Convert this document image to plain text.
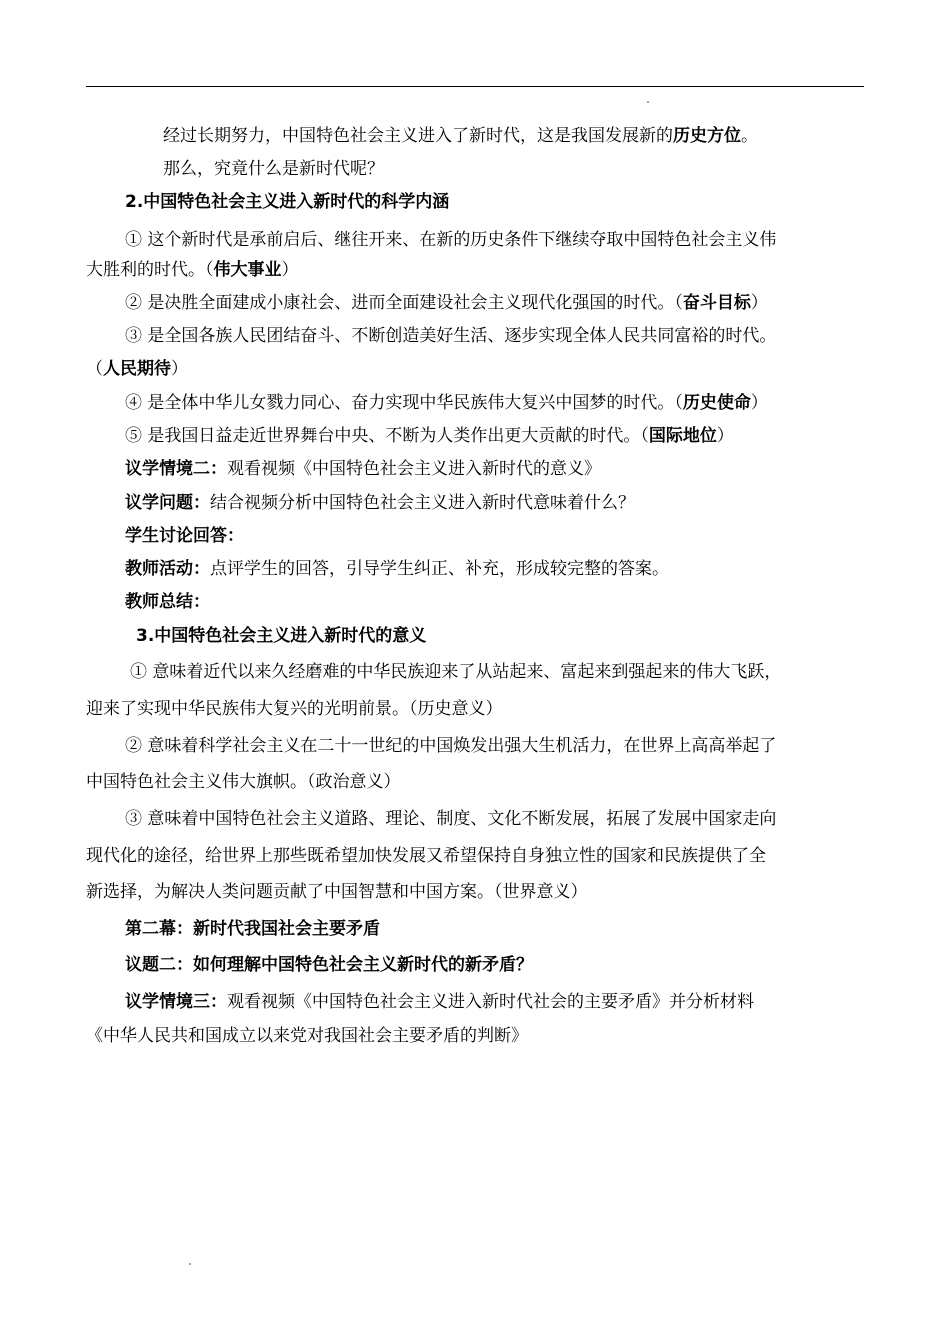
经过长期努力，中国特色社会主义进入了新时代，这是我国发展新的历史方位。
那么，究竟什么是新时代呢？
2.中国特色社会主义进入新时代的科学内涵
① 这个新时代是承前启后、继往开来、在新的历史条件下继续夺取中国特色社会主义伟
大胜利的时代。（伟大事业）
② 是决胜全面建成小康社会、进而全面建设社会主义现代化强国的时代。（奋斗目标）
③ 是全国各族人民团结奋斗、不断创造美好生活、逐步实现全体人民共同富裕的时代。
（人民期待）
④ 是全体中华儿女戮力同心、奋力实现中华民族伟大复兴中国梦的时代。（历史使命）
⑤ 是我国日益走近世界舞台中央、不断为人类作出更大贡献的时代。（国际地位）
议学情境二：观看视频《中国特色社会主义进入新时代的意义》
议学问题：结合视频分析中国特色社会主义进入新时代意味着什么？
学生讨论回答：
教师活动：点评学生的回答，引导学生纠正、补充，形成较完整的答案。
教师总结：
3.中国特色社会主义进入新时代的意义
① 意味着近代以来久经磨难的中华民族迎来了从站起来、富起来到强起来的伟大飞跃，
迎来了实现中华民族伟大复兴的光明前景。（历史意义）
② 意味着科学社会主义在二十一世纪的中国焕发出强大生机活力，在世界上高高举起了
中国特色社会主义伟大旗帜。（政治意义）
③ 意味着中国特色社会主义道路、理论、制度、文化不断发展，拓展了发展中国家走向
现代化的途径，给世界上那些既希望加快发展又希望保持自身独立性的国家和民族提供了全
新选择，为解决人类问题贡献了中国智慧和中国方案。（世界意义）
第二幕：新时代我国社会主要矛盾
议题二：如何理解中国特色社会主义新时代的新矛盾？
议学情境三：观看视频《中国特色社会主义进入新时代社会的主要矛盾》并分析材料
《中华人民共和国成立以来党对我国社会主要矛盾的判断》
